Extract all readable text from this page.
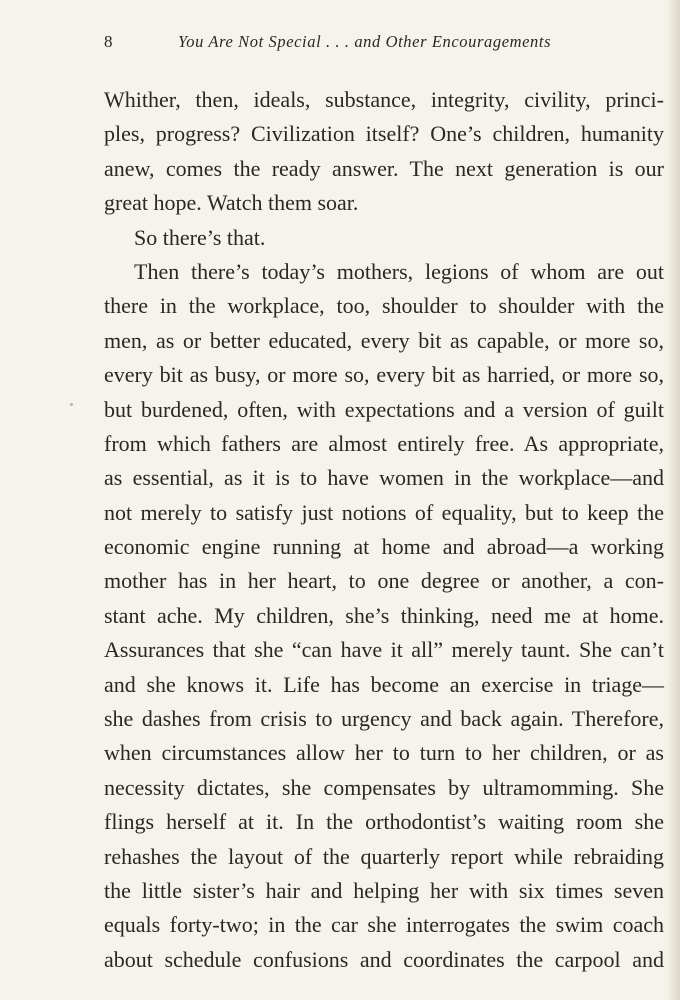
8	You Are Not Special . . . and Other Encouragements
Whither, then, ideals, substance, integrity, civility, princi-
ples, progress? Civilization itself? One’s children, humanity
anew, comes the ready answer. The next generation is our
great hope. Watch them soar.
So there’s that.
Then there’s today’s mothers, legions of whom are out
there in the workplace, too, shoulder to shoulder with the
men, as or better educated, every bit as capable, or more so,
every bit as busy, or more so, every bit as harried, or more so,
but burdened, often, with expectations and a version of guilt
from which fathers are almost entirely free. As appropriate,
as essential, as it is to have women in the workplace—and
not merely to satisfy just notions of equality, but to keep the
economic engine running at home and abroad—a working
mother has in her heart, to one degree or another, a con-
stant ache. My children, she’s thinking, need me at home.
Assurances that she “can have it all” merely taunt. She can’t
and she knows it. Life has become an exercise in triage—
she dashes from crisis to urgency and back again. Therefore,
when circumstances allow her to turn to her children, or as
necessity dictates, she compensates by ultramomming. She
flings herself at it. In the orthodontist’s waiting room she
rehashes the layout of the quarterly report while rebraiding
the little sister’s hair and helping her with six times seven
equals forty-two; in the car she interrogates the swim coach
about schedule confusions and coordinates the carpool and
